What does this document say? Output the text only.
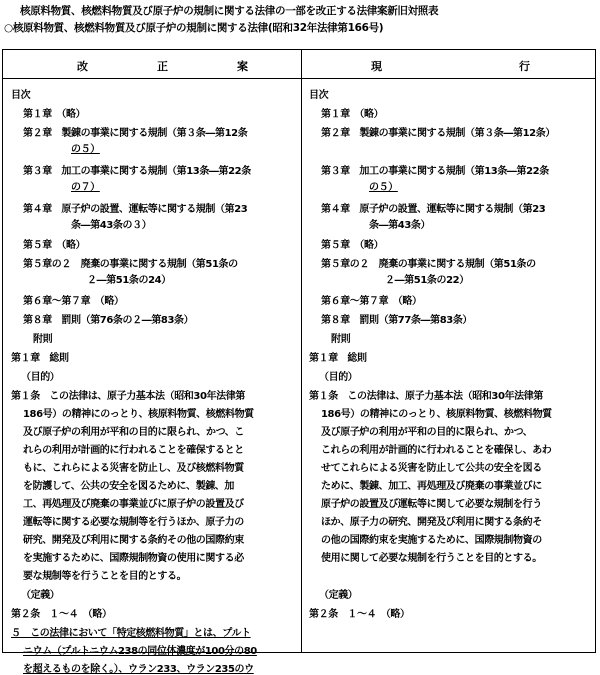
核原料物質、核燃料物質及び原子炉の規制に関する法律の一部を改正する法律案新旧対照表
○核原料物質、核燃料物質及び原子炉の規制に関する法律(昭和32年法律第166号)
改	正	案	現	行
目次
第１章　（略）
第２章　製錬の事業に関する規制（第３条―第12条
の５）
第３章　加工の事業に関する規制（第13条―第22条
の７）
第４章　原子炉の設置、運転等に関する規制（第23
条―第43条の３）
第５章　（略）
第５章の２　廃棄の事業に関する規制（第51条の
２―第51条の24）
第６章～第７章　（略）
第８章　罰則（第76条の２―第83条）
附則
第１章　総則
（目的）
第１条　この法律は、原子力基本法（昭和30年法律第
186号）の精神にのっとり、核原料物質、核燃料物質
及び原子炉の利用が平和の目的に限られ、かつ、こ
れらの利用が計画的に行われることを確保するとと
もに、これらによる災害を防止し、及び核燃料物質
を防護して、公共の安全を図るために、製錬、加
工、再処理及び廃棄の事業並びに原子炉の設置及び
運転等に関する必要な規制等を行うほか、原子力の
研究、開発及び利用に関する条約その他の国際約束
を実施するために、国際規制物資の使用に関する必
要な規制等を行うことを目的とする。
（定義）
第２条　１～４　（略）
５　この法律において「特定核燃料物質」とは、プルト
ニウム（プルトニウム238の同位体濃度が100分の80
を超えるものを除く。）、ウラン233、ウラン235のウ
目次
第１章　（略）
第２章　製錬の事業に関する規制（第３条―第12条）
第３章　加工の事業に関する規制（第13条―第22条
の５）
第４章　原子炉の設置、運転等に関する規制（第23
条―第43条）
第５章　（略）
第５章の２　廃棄の事業に関する規制（第51条の
２―第51条の22）
第６章～第７章　（略）
第８章　罰則（第77条―第83条）
附則
第１章　総則
（目的）
第１条　この法律は、原子力基本法（昭和30年法律第
186号）の精神にのっとり、核原料物質、核燃料物質
及び原子炉の利用が平和の目的に限られ、かつ、
これらの利用が計画的に行われることを確保し、あわ
せてこれらによる災害を防止して公共の安全を図る
ために、製錬、加工、再処理及び廃棄の事業並びに
原子炉の設置及び運転等に関して必要な規制を行う
ほか、原子力の研究、開発及び利用に関する条約そ
の他の国際約束を実施するために、国際規制物資の
使用に関して必要な規制を行うことを目的とする。
（定義）
第２条　１～４　（略）
